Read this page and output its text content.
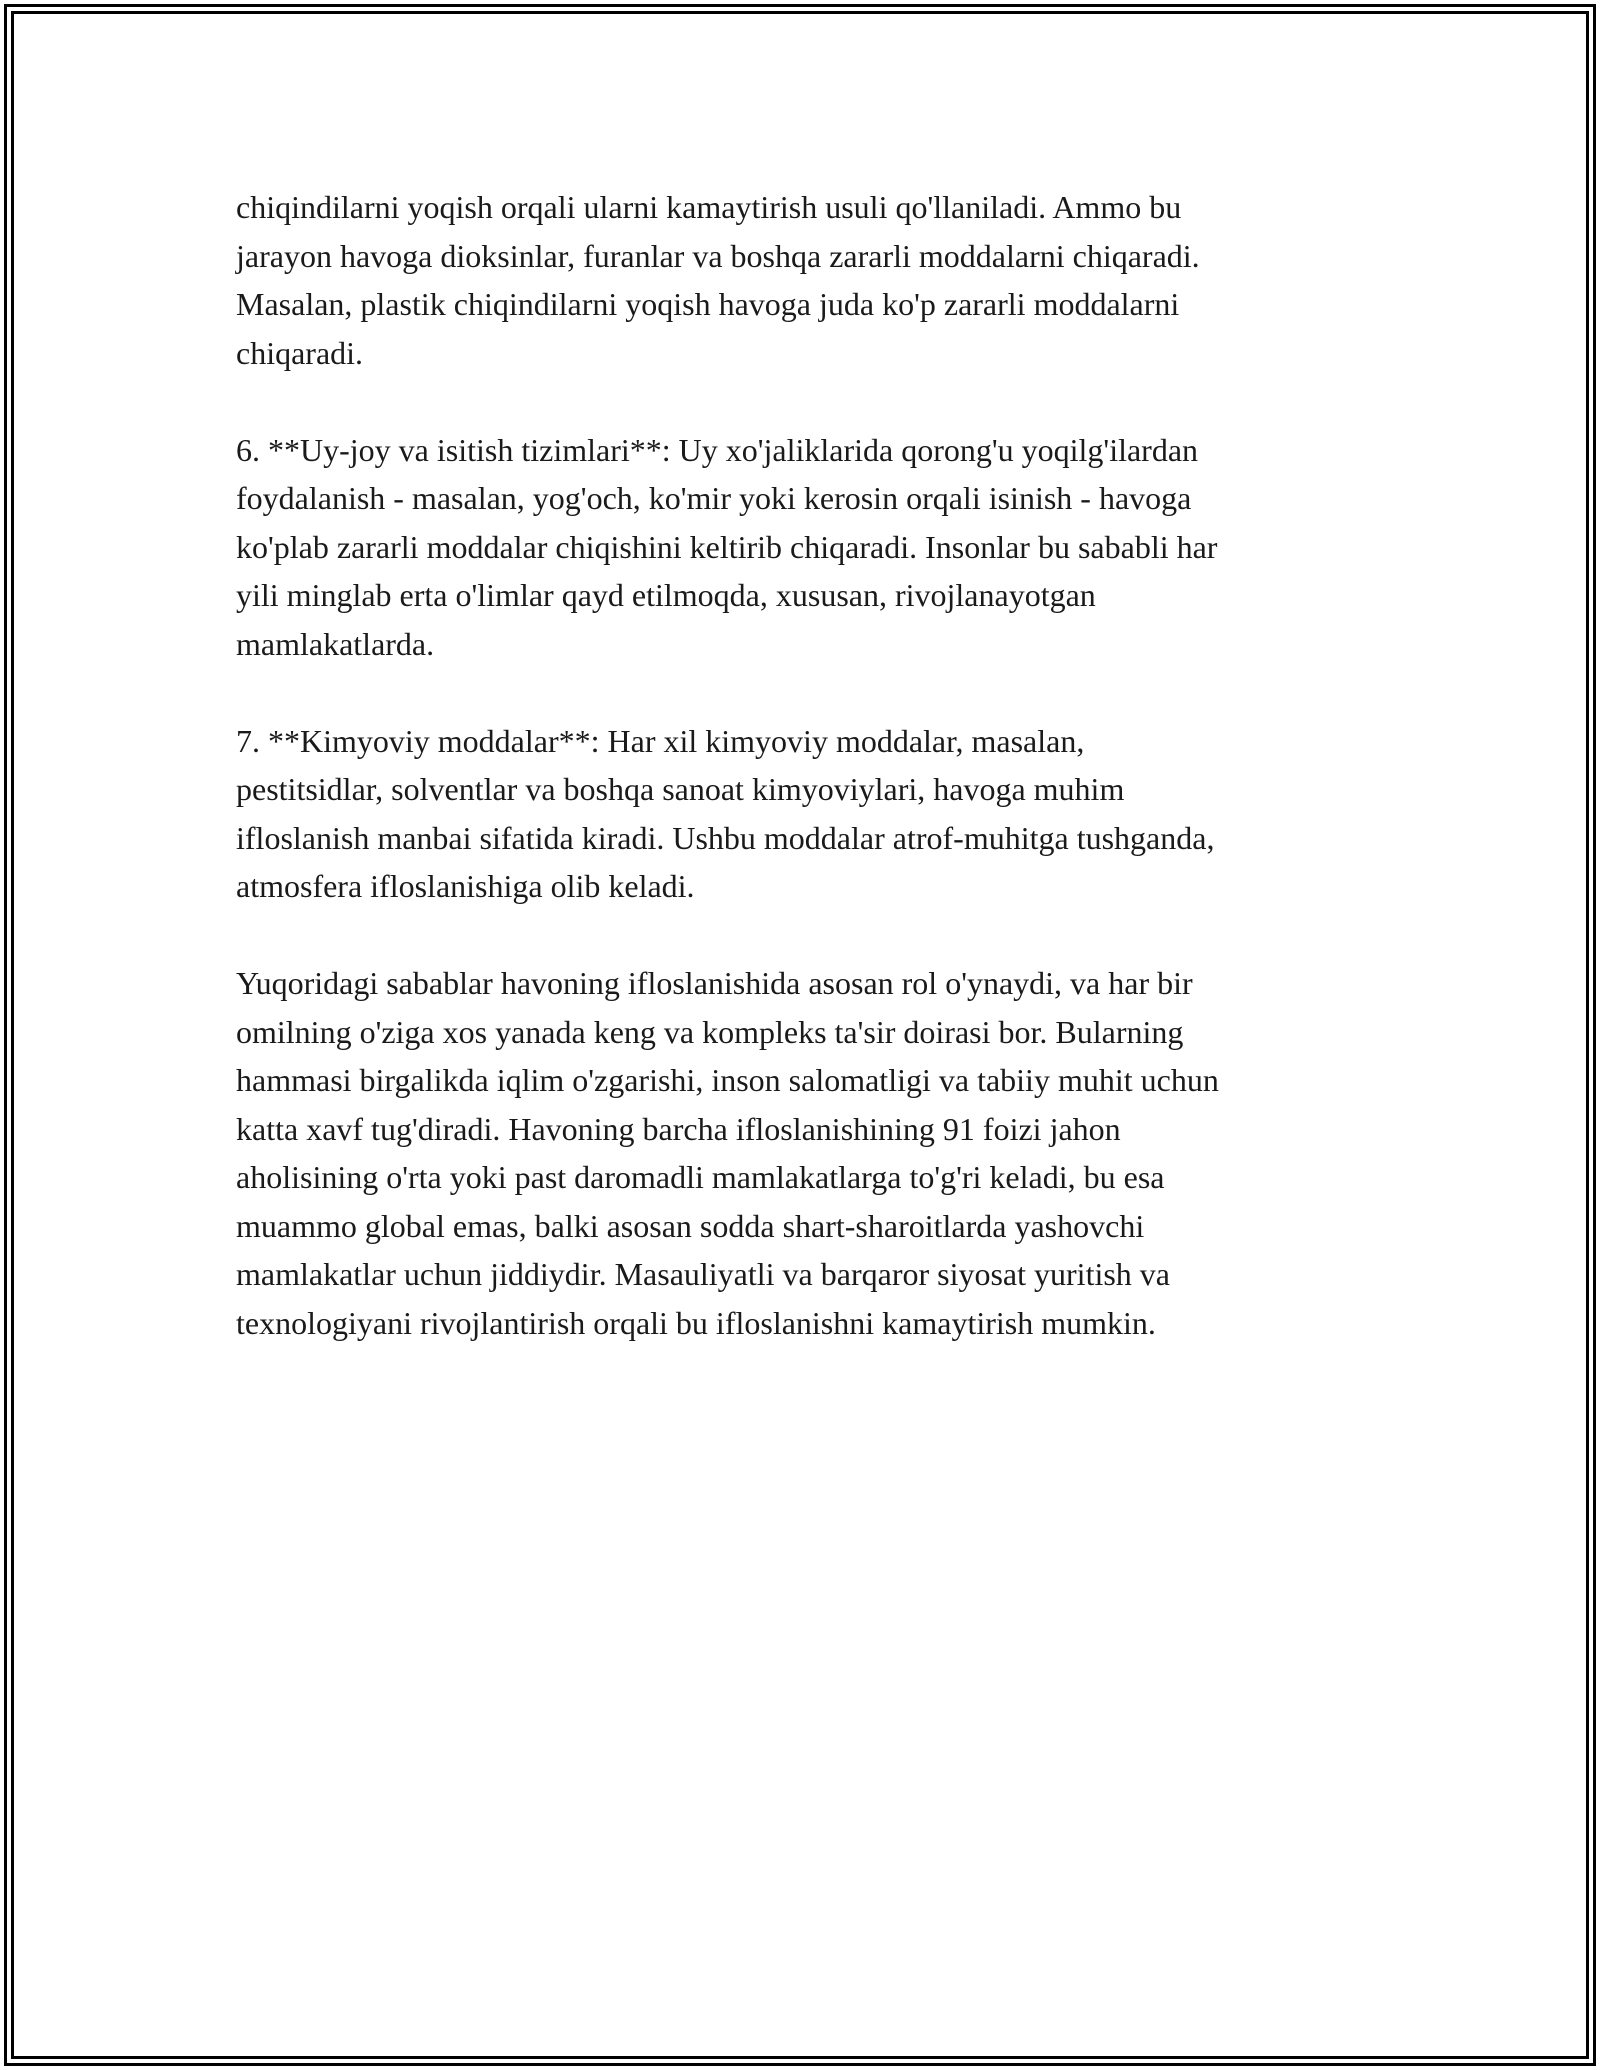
chiqindilarni yoqish orqali ularni kamaytirish usuli qo'llaniladi. Ammo bu
jarayon havoga dioksinlar, furanlar va boshqa zararli moddalarni chiqaradi.
Masalan, plastik chiqindilarni yoqish havoga juda ko'p zararli moddalarni
chiqaradi.

6. **Uy-joy va isitish tizimlari**: Uy xo'jaliklarida qorong'u yoqilg'ilardan
foydalanish - masalan, yog'och, ko'mir yoki kerosin orqali isinish - havoga
ko'plab zararli moddalar chiqishini keltirib chiqaradi. Insonlar bu sababli har
yili minglab erta o'limlar qayd etilmoqda, xususan, rivojlanayotgan
mamlakatlarda.

7. **Kimyoviy moddalar**: Har xil kimyoviy moddalar, masalan,
pestitsidlar, solventlar va boshqa sanoat kimyoviylari, havoga muhim
ifloslanish manbai sifatida kiradi. Ushbu moddalar atrof-muhitga tushganda,
atmosfera ifloslanishiga olib keladi.

Yuqoridagi sabablar havoning ifloslanishida asosan rol o'ynaydi, va har bir
omilning o'ziga xos yanada keng va kompleks ta'sir doirasi bor. Bularning
hammasi birgalikda iqlim o'zgarishi, inson salomatligi va tabiiy muhit uchun
katta xavf tug'diradi. Havoning barcha ifloslanishining 91 foizi jahon
aholisining o'rta yoki past daromadli mamlakatlarga to'g'ri keladi, bu esa
muammo global emas, balki asosan sodda shart-sharoitlarda yashovchi
mamlakatlar uchun jiddiydir. Masauliyatli va barqaror siyosat yuritish va
texnologiyani rivojlantirish orqali bu ifloslanishni kamaytirish mumkin.
